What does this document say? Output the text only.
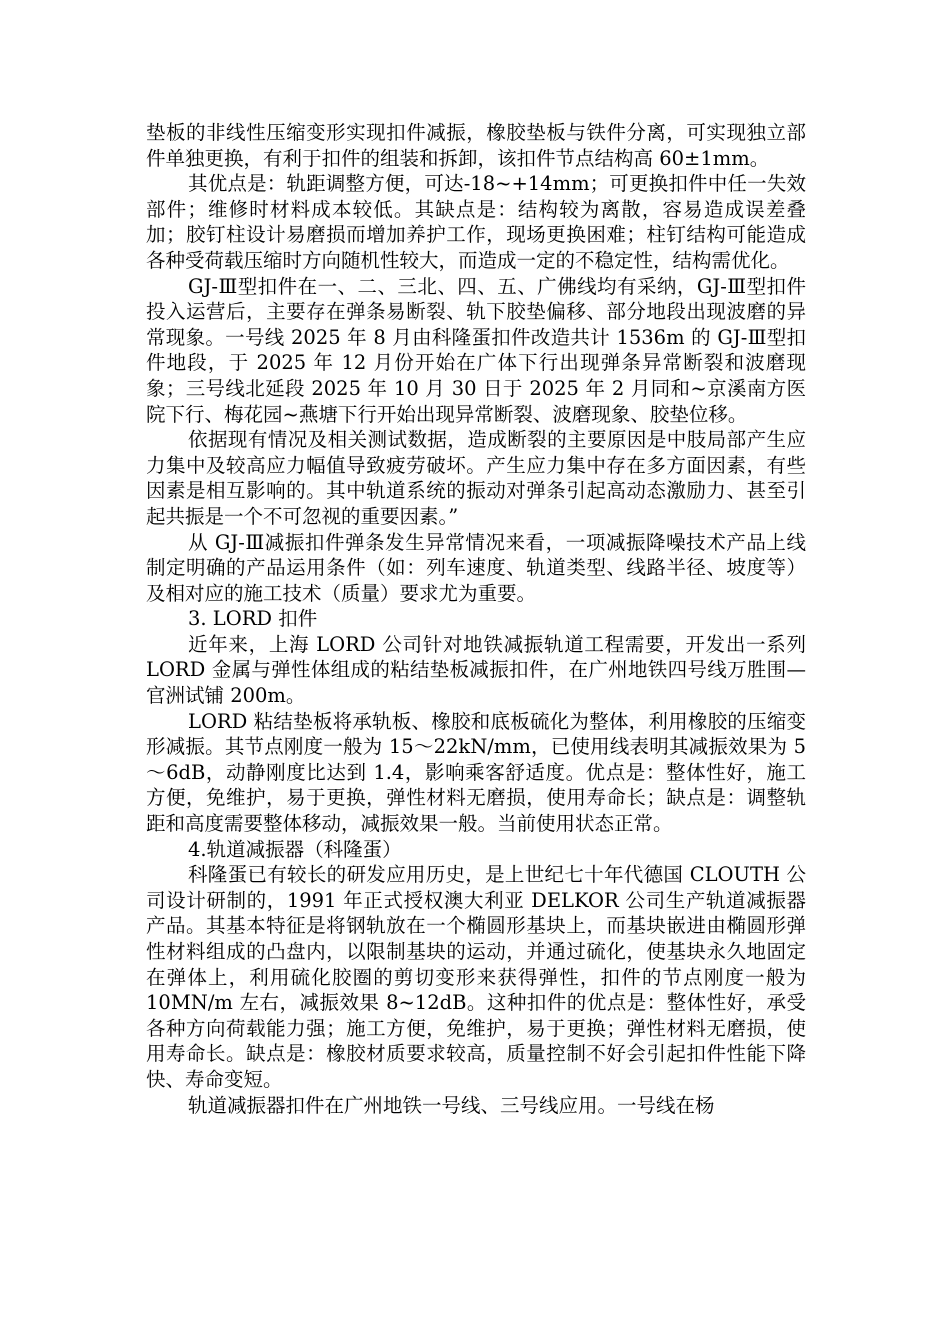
垫板的非线性压缩变形实现扣件减振，橡胶垫板与铁件分离，可实现独立部件单独更换，有利于扣件的组装和拆卸，该扣件节点结构高 60±1mm。

其优点是：轨距调整方便，可达-18~+14mm；可更换扣件中任一失效部件；维修时材料成本较低。其缺点是：结构较为离散，容易造成误差叠加；胶钉柱设计易磨损而增加养护工作，现场更换困难；柱钉结构可能造成各种受荷载压缩时方向随机性较大，而造成一定的不稳定性，结构需优化。

GJ-Ⅲ型扣件在一、二、三北、四、五、广佛线均有采纳，GJ-Ⅲ型扣件投入运营后，主要存在弹条易断裂、轨下胶垫偏移、部分地段出现波磨的异常现象。一号线 2025 年 8 月由科隆蛋扣件改造共计 1536m 的 GJ-Ⅲ型扣件地段，于 2025 年 12 月份开始在广体下行出现弹条异常断裂和波磨现象；三号线北延段 2025 年 10 月 30 日于 2025 年 2 月同和~京溪南方医院下行、梅花园~燕塘下行开始出现异常断裂、波磨现象、胶垫位移。

依据现有情况及相关测试数据，造成断裂的主要原因是中肢局部产生应力集中及较高应力幅值导致疲劳破坏。产生应力集中存在多方面因素，有些因素是相互影响的。其中轨道系统的振动对弹条引起高动态激励力、甚至引起共振是一个不可忽视的重要因素。”

从 GJ-Ⅲ减振扣件弹条发生异常情况来看，一项减振降噪技术产品上线制定明确的产品运用条件（如：列车速度、轨道类型、线路半径、坡度等）及相对应的施工技术（质量）要求尤为重要。

3. LORD 扣件

近年来，上海 LORD 公司针对地铁减振轨道工程需要，开发出一系列 LORD 金属与弹性体组成的粘结垫板减振扣件，在广州地铁四号线万胜围—官洲试铺 200m。

LORD 粘结垫板将承轨板、橡胶和底板硫化为整体，利用橡胶的压缩变形减振。其节点刚度一般为 15～22kN/mm，已使用线表明其减振效果为 5～6dB，动静刚度比达到 1.4，影响乘客舒适度。优点是：整体性好，施工方便，免维护，易于更换，弹性材料无磨损，使用寿命长；缺点是：调整轨距和高度需要整体移动，减振效果一般。当前使用状态正常。

4.轨道减振器（科隆蛋）

科隆蛋已有较长的研发应用历史，是上世纪七十年代德国 CLOUTH 公司设计研制的，1991 年正式授权澳大利亚 DELKOR 公司生产轨道减振器产品。其基本特征是将钢轨放在一个椭圆形基块上，而基块嵌进由椭圆形弹性材料组成的凸盘内，以限制基块的运动，并通过硫化，使基块永久地固定在弹体上，利用硫化胶圈的剪切变形来获得弹性，扣件的节点刚度一般为 10MN/m 左右，减振效果 8~12dB。这种扣件的优点是：整体性好，承受各种方向荷载能力强；施工方便，免维护，易于更换；弹性材料无磨损，使用寿命长。缺点是：橡胶材质要求较高，质量控制不好会引起扣件性能下降快、寿命变短。

轨道减振器扣件在广州地铁一号线、三号线应用。一号线在杨
